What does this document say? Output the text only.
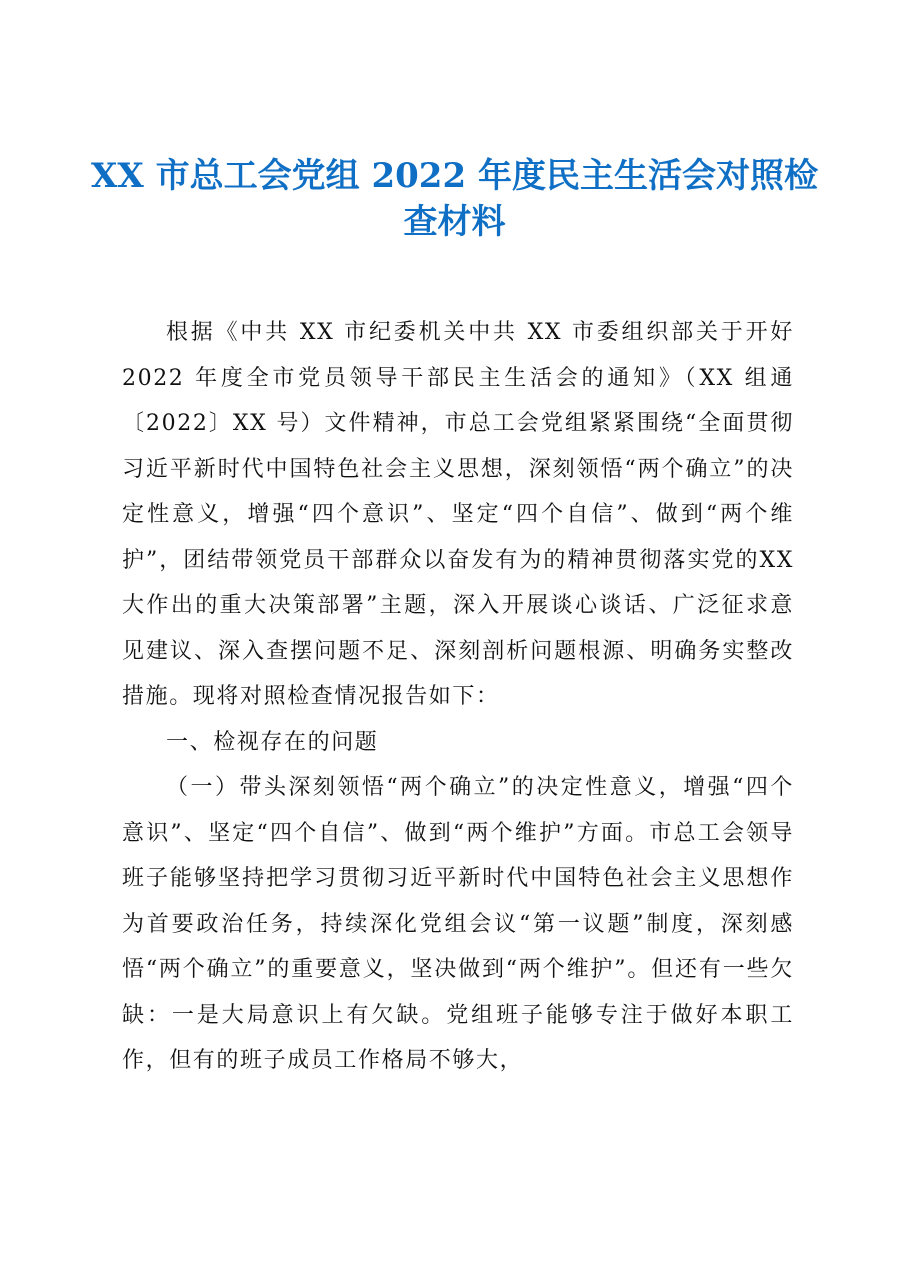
XX 市总工会党组 2022 年度民主生活会对照检
查材料

根据《中共 XX 市纪委机关中共 XX 市委组织部关于开好 2022 年度全市党员领导干部民主生活会的通知》（XX 组通〔2022〕XX 号）文件精神，市总工会党组紧紧围绕“全面贯彻习近平新时代中国特色社会主义思想，深刻领悟“两个确立”的决定性意义，增强“四个意识”、坚定“四个自信”、做到“两个维护”，团结带领党员干部群众以奋发有为的精神贯彻落实党的XX大作出的重大决策部署”主题，深入开展谈心谈话、广泛征求意见建议、深入查摆问题不足、深刻剖析问题根源、明确务实整改措施。现将对照检查情况报告如下：

一、检视存在的问题

（一）带头深刻领悟“两个确立”的决定性意义，增强“四个意识”、坚定“四个自信”、做到“两个维护”方面。市总工会领导班子能够坚持把学习贯彻习近平新时代中国特色社会主义思想作为首要政治任务，持续深化党组会议“第一议题”制度，深刻感悟“两个确立”的重要意义，坚决做到“两个维护”。但还有一些欠缺：一是大局意识上有欠缺。党组班子能够专注于做好本职工作，但有的班子成员工作格局不够大，
